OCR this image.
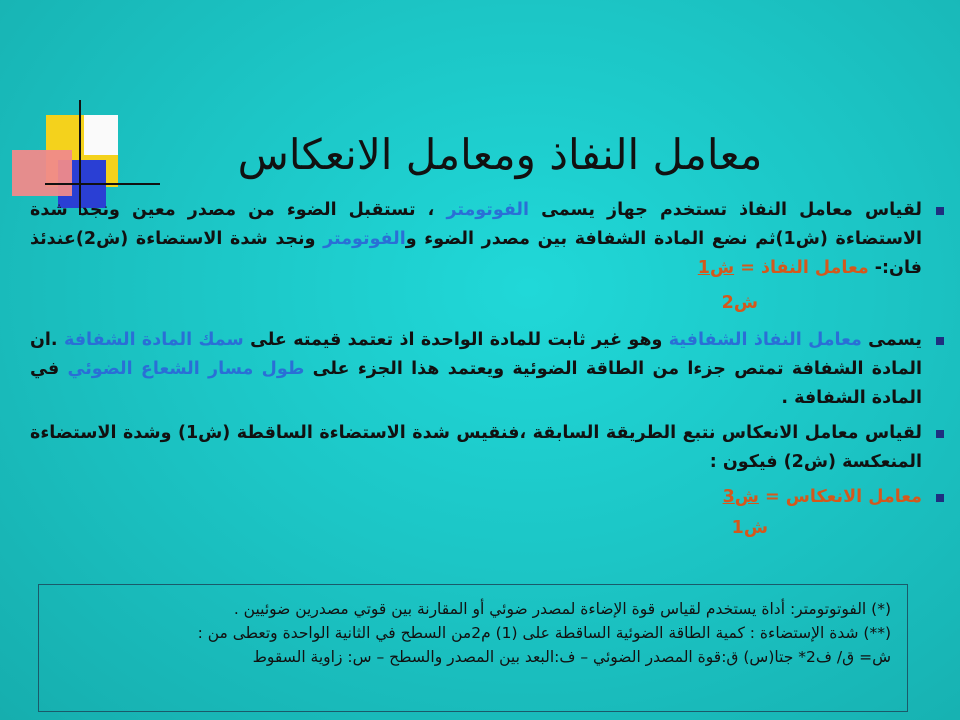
معامل النفاذ ومعامل الانعكاس
لقياس معامل النفاذ تستخدم جهاز يسمى الفوتومتر ، تستقبل الضوء من مصدر معين ونجد شدة الاستضاءة (ش1)ثم نضع المادة الشفافة بين مصدر الضوء والفوتومتر ونجد شدة الاستضاءة (ش2)عندئذ فان:- معامل النفاذ = ش1
ش2
يسمى معامل النفاذ الشفافية وهو غير ثابت للمادة الواحدة اذ تعتمد قيمته على سمك المادة الشفافة .ان المادة الشفافة تمتص جزءا من الطاقة الضوئية ويعتمد هذا الجزء على طول مسار الشعاع الضوئي في المادة الشفافة .
لقياس معامل الانعكاس نتبع الطريقة السابقة ،فنقيس شدة الاستضاءة الساقطة (ش1) وشدة الاستضاءة المنعكسة (ش2) فيكون :
معامل الانعكاس = ش3
ش1
(*) الفوتوتومتر: أداة يستخدم لقياس قوة الإضاءة لمصدر ضوئي أو المقارنة بين قوتي مصدرين ضوئيين .
(**) شدة الإستضاءة : كمية الطاقة الضوئية الساقطة على (1) م2من السطح في الثانية الواحدة وتعطى من :
ش= ق/ ف2* جتا(س) ق:قوة المصدر الضوئي – ف:البعد بين المصدر والسطح – س: زاوية السقوط
